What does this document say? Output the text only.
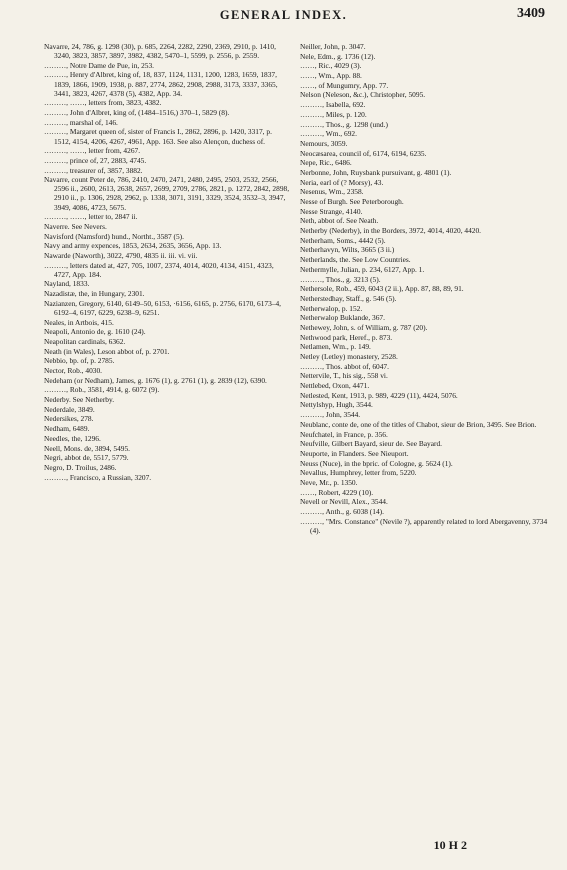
GENERAL INDEX.	3409
Navarre, 24, 786, g. 1298 (30), p. 685, 2264, 2282, 2290, 2369, 2910, p. 1410, 3240, 3823, 3857, 3897, 3982, 4382, 5470–1, 5599, p. 2556, p. 2559.
………, Notre Dame de Pue, in, 253.
………, Henry d'Albret, king of, 18, 837, 1124, 1131, 1200, 1283, 1659, 1837, 1839, 1866, 1909, 1938, p. 887, 2774, 2862, 2908, 2988, 3173, 3337, 3365, 3441, 3823, 4267, 4378 (5), 4382, App. 34.
………, ……, letters from, 3823, 4382.
………, John d'Albret, king of, (1484–1516,) 370–1, 5829 (8).
………, marshal of, 146.
………, Margaret queen of, sister of Francis I., 2862, 2896, p. 1420, 3317, p. 1512, 4154, 4206, 4267, 4961, App. 163. See also Alençon, duchess of.
………, ……, letter from, 4267.
………, prince of, 27, 2883, 4745.
………, treasurer of, 3857, 3882.
Navarre, count Peter de, 786, 2410, 2470, 2471, 2480, 2495, 2503, 2532, 2566, 2596 ii., 2600, 2613, 2638, 2657, 2699, 2709, 2786, 2821, p. 1272, 2842, 2898, 2910 ii., p. 1306, 2928, 2962, p. 1338, 3071, 3191, 3329, 3524, 3532–3, 3947, 3949, 4086, 4723, 5675.
………, ……, letter to, 2847 ii.
Naverre. See Nevers.
Navisford (Namsford) hund., Northt., 3587 (5).
Navy and army expences, 1853, 2634, 2635, 3656, App. 13.
Nawarde (Naworth), 3022, 4790, 4835 ii. iii. vi. vii.
………, letters dated at, 427, 705, 1007, 2374, 4014, 4020, 4134, 4151, 4323, 4727, App. 184.
Nayland, 1833.
Nazadistæ, the, in Hungary, 2301.
Nazianzen, Gregory, 6140, 6149–50, 6153, ·6156, 6165, p. 2756, 6170, 6173–4, 6192–4, 6197, 6229, 6238–9, 6251.
Neales, in Artbois, 415.
Neapoli, Antonio de, g. 1610 (24).
Neapolitan cardinals, 6362.
Neath (in Wales), Leson abbot of, p. 2701.
Nebbio, bp. of, p. 2785.
Nector, Rob., 4030.
Nedeham (or Nedham), James, g. 1676 (1), g. 2761 (1), g. 2839 (12), 6390.
………, Rob., 3581, 4914, g. 6072 (9).
Nederby. See Netherby.
Nederdale, 3849.
Nedersikes, 278.
Nedham, 6489.
Needles, the, 1296.
Neell, Mons. de, 3894, 5495.
Negri, abbot de, 5517, 5779.
Negro, D. Troilus, 2486.
………, Francisco, a Russian, 3207.
Neiller, John, p. 3047.
Nele, Edm., g. 1736 (12).
……, Ric., 4029 (3).
……, Wm., App. 88.
……, of Mungumry, App. 77.
Nelson (Neleson, &c.), Christopher, 5095.
………, Isabella, 692.
………, Miles, p. 120.
………, Thos., g. 1298 (und.)
………, Wm., 692.
Nemours, 3059.
Neocæsarea, council of, 6174, 6194, 6235.
Nepe, Ric., 6486.
Nerbonne, John, Ruysbank pursuivant, g. 4801 (1).
Neria, earl of (? Morsy), 43.
Nesenus, Wm., 2358.
Nesse of Burgh. See Peterborough.
Nesse Strange, 4140.
Neth, abbot of. See Neath.
Netherby (Nederby), in the Borders, 3972, 4014, 4020, 4420.
Netherham, Soms., 4442 (5).
Netherhavyn, Wilts, 3665 (3 ii.)
Netherlands, the. See Low Countries.
Nethermylle, Julian, p. 234, 6127, App. 1.
………, Thos., g. 3213 (5).
Nethersole, Rob., 459, 6043 (2 ii.), App. 87, 88, 89, 91.
Netherstedhay, Staff., g. 546 (5).
Netherwalop, p. 152.
Netherwalop Buklande, 367.
Nethewey, John, s. of William, g. 787 (20).
Nethwood park, Heref., p. 873.
Netlamen, Wm., p. 149.
Netley (Letley) monastery, 2528.
………, Thos. abbot of, 6047.
Nettervile, T., his sig., 558 vi.
Nettlebed, Oxon, 4471.
Netlested, Kent, 1913, p. 989, 4229 (11), 4424, 5076.
Nettylshyp, Hugh, 3544.
………, John, 3544.
Neublanc, conte de, one of the titles of Chabot, sieur de Brion, 3495. See Brion.
Neufchatel, in France, p. 356.
Neufville, Gilbert Bayard, sieur de. See Bayard.
Neuporte, in Flanders. See Nieuport.
Neuss (Nuce), in the bpric. of Cologne, g. 5624 (1).
Nevallus, Humphrey, letter from, 5220.
Neve, Mr., p. 1350.
……, Robert, 4229 (10).
Nevell or Nevill, Alex., 3544.
………, Anth., g. 6038 (14).
………, "Mrs. Constance" (Nevile ?), apparently related to lord Abergavenny, 3734 (4).
10 H 2
